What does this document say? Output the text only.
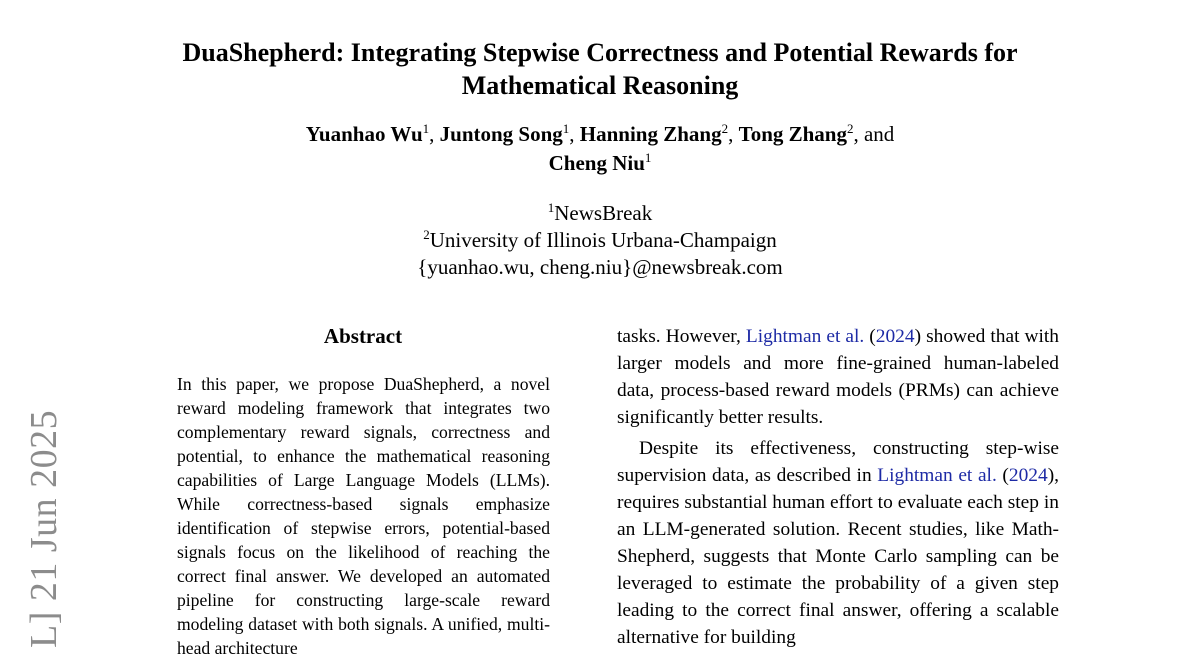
DuaShepherd: Integrating Stepwise Correctness and Potential Rewards for
Mathematical Reasoning
Yuanhao Wu$^1$, Juntong Song$^1$, Hanning Zhang$^2$, Tong Zhang$^2$, and
Cheng Niu$^1$
$^1$NewsBreak
$^2$University of Illinois Urbana-Champaign
{yuanhao.wu, cheng.niu}@newsbreak.com
L] 21 Jun 2025
Abstract
In this paper, we propose DuaShepherd, a novel reward modeling framework that integrates two complementary reward signals, correctness and potential, to enhance the mathematical reasoning capabilities of Large Language Models (LLMs). While correctness-based signals emphasize identification of stepwise errors, potential-based signals focus on the likelihood of reaching the correct final answer. We developed an automated pipeline for constructing large-scale reward modeling dataset with both signals. A unified, multi-head architecture

tasks. However, Lightman et al. (2024) showed that with larger models and more fine-grained human-labeled data, process-based reward models (PRMs) can achieve significantly better results.

Despite its effectiveness, constructing step-wise supervision data, as described in Lightman et al. (2024), requires substantial human effort to evaluate each step in an LLM-generated solution. Recent studies, like Math-Shepherd, suggests that Monte Carlo sampling can be leveraged to estimate the probability of a given step leading to the correct final answer, offering a scalable alternative for building
